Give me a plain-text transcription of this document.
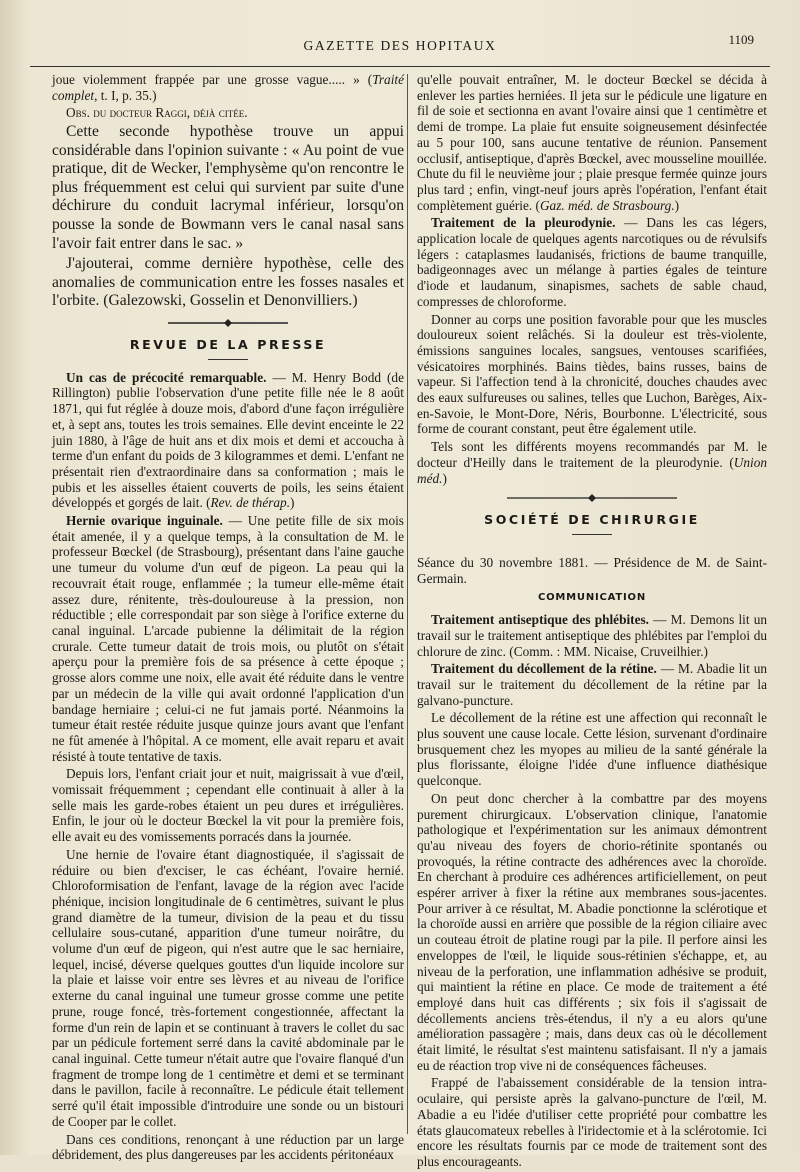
GAZETTE DES HOPITAUX	1109

joue violemment frappée par une grosse vague..... » (Traité complet, t. I, p. 35.)

Obs. du docteur Raggi, déjà citée.

Cette seconde hypothèse trouve un appui considérable dans l'opinion suivante : « Au point de vue pratique, dit de Wecker, l'emphysème qu'on rencontre le plus fréquemment est celui qui survient par suite d'une déchirure du conduit lacrymal inférieur, lorsqu'on pousse la sonde de Bowmann vers le canal nasal sans l'avoir fait entrer dans le sac. »

J'ajouterai, comme dernière hypothèse, celle des anomalies de communication entre les fosses nasales et l'orbite. (Galezowski, Gosselin et Denonvilliers.)

REVUE DE LA PRESSE

Un cas de précocité remarquable. — M. Henry Bodd (de Rillington) publie l'observation d'une petite fille née le 8 août 1871, qui fut réglée à douze mois, d'abord d'une façon irrégulière et, à sept ans, toutes les trois semaines. Elle devint enceinte le 22 juin 1880, à l'âge de huit ans et dix mois et demi et accoucha à terme d'un enfant du poids de 3 kilogrammes et demi. L'enfant ne présentait rien d'extraordinaire dans sa conformation ; mais le pubis et les aisselles étaient couverts de poils, les seins étaient développés et gorgés de lait. (Rev. de thérap.)

Hernie ovarique inguinale. — Une petite fille de six mois était amenée, il y a quelque temps, à la consultation de M. le professeur Bœckel (de Strasbourg), présentant dans l'aine gauche une tumeur du volume d'un œuf de pigeon. La peau qui la recouvrait était rouge, enflammée ; la tumeur elle-même était assez dure, rénitente, très-douloureuse à la pression, non réductible ; elle correspondait par son siège à l'orifice externe du canal inguinal. L'arcade pubienne la délimitait de la région crurale. Cette tumeur datait de trois mois, ou plutôt on s'était aperçu pour la première fois de sa présence à cette époque ; grosse alors comme une noix, elle avait été réduite dans le ventre par un médecin de la ville qui avait ordonné l'application d'un bandage herniaire ; celui-ci ne fut jamais porté. Néanmoins la tumeur était restée réduite jusque quinze jours avant que l'enfant ne fût amenée à l'hôpital. A ce moment, elle avait reparu et avait résisté à toute tentative de taxis.

Depuis lors, l'enfant criait jour et nuit, maigrissait à vue d'œil, vomissait fréquemment ; cependant elle continuait à aller à la selle mais les garde-robes étaient un peu dures et irrégulières. Enfin, le jour où le docteur Bœckel la vit pour la première fois, elle avait eu des vomissements porracés dans la journée.

Une hernie de l'ovaire étant diagnostiquée, il s'agissait de réduire ou bien d'exciser, le cas échéant, l'ovaire hernié. Chloroformisation de l'enfant, lavage de la région avec l'acide phénique, incision longitudinale de 6 centimètres, suivant le plus grand diamètre de la tumeur, division de la peau et du tissu cellulaire sous-cutané, apparition d'une tumeur noirâtre, du volume d'un œuf de pigeon, qui n'est autre que le sac herniaire, lequel, incisé, déverse quelques gouttes d'un liquide incolore sur la plaie et laisse voir entre ses lèvres et au niveau de l'orifice externe du canal inguinal une tumeur grosse comme une petite prune, rouge foncé, très-fortement congestionnée, affectant la forme d'un rein de lapin et se continuant à travers le collet du sac par un pédicule fortement serré dans la cavité abdominale par le canal inguinal. Cette tumeur n'était autre que l'ovaire flanqué d'un fragment de trompe long de 1 centimètre et demi et se terminant dans le pavillon, facile à reconnaître. Le pédicule était tellement serré qu'il était impossible d'introduire une sonde ou un bistouri de Cooper par le collet.

Dans ces conditions, renonçant à une réduction par un large débridement, des plus dangereuses par les accidents péritonéaux

qu'elle pouvait entraîner, M. le docteur Bœckel se décida à enlever les parties herniées. Il jeta sur le pédicule une ligature en fil de soie et sectionna en avant l'ovaire ainsi que 1 centimètre et demi de trompe. La plaie fut ensuite soigneusement désinfectée au 5 pour 100, sans aucune tentative de réunion. Pansement occlusif, antiseptique, d'après Bœckel, avec mousseline mouillée. Chute du fil le neuvième jour ; plaie presque fermée quinze jours plus tard ; enfin, vingt-neuf jours après l'opération, l'enfant était complètement guérie. (Gaz. méd. de Strasbourg.)

Traitement de la pleurodynie. — Dans les cas légers, application locale de quelques agents narcotiques ou de révulsifs légers : cataplasmes laudanisés, frictions de baume tranquille, badigeonnages avec un mélange à parties égales de teinture d'iode et laudanum, sinapismes, sachets de sable chaud, compresses de chloroforme.

Donner au corps une position favorable pour que les muscles douloureux soient relâchés. Si la douleur est très-violente, émissions sanguines locales, sangsues, ventouses scarifiées, vésicatoires morphinés. Bains tièdes, bains russes, bains de vapeur. Si l'affection tend à la chronicité, douches chaudes avec des eaux sulfureuses ou salines, telles que Luchon, Barèges, Aix-en-Savoie, le Mont-Dore, Néris, Bourbonne. L'électricité, sous forme de courant constant, peut être également utile.

Tels sont les différents moyens recommandés par M. le docteur d'Heilly dans le traitement de la pleurodynie. (Union méd.)

SOCIÉTÉ DE CHIRURGIE

Séance du 30 novembre 1881. — Présidence de M. de Saint-Germain.

COMMUNICATION

Traitement antiseptique des phlébites. — M. Demons lit un travail sur le traitement antiseptique des phlébites par l'emploi du chlorure de zinc. (Comm. : MM. Nicaise, Cruveilhier.)

Traitement du décollement de la rétine. — M. Abadie lit un travail sur le traitement du décollement de la rétine par la galvano-puncture.

Le décollement de la rétine est une affection qui reconnaît le plus souvent une cause locale. Cette lésion, survenant d'ordinaire brusquement chez les myopes au milieu de la santé générale la plus florissante, éloigne l'idée d'une influence diathésique quelconque.

On peut donc chercher à la combattre par des moyens purement chirurgicaux. L'observation clinique, l'anatomie pathologique et l'expérimentation sur les animaux démontrent qu'au niveau des foyers de chorio-rétinite spontanés ou provoqués, la rétine contracte des adhérences avec la choroïde. En cherchant à produire ces adhérences artificiellement, on peut espérer arriver à fixer la rétine aux membranes sous-jacentes. Pour arriver à ce résultat, M. Abadie ponctionne la sclérotique et la choroïde aussi en arrière que possible de la région ciliaire avec un couteau étroit de platine rougi par la pile. Il perfore ainsi les enveloppes de l'œil, le liquide sous-rétinien s'échappe, et, au niveau de la perforation, une inflammation adhésive se produit, qui maintient la rétine en place. Ce mode de traitement a été employé dans huit cas différents ; six fois il s'agissait de décollements anciens très-étendus, il n'y a eu alors qu'une amélioration passagère ; mais, dans deux cas où le décollement était limité, le résultat s'est maintenu satisfaisant. Il n'y a jamais eu de réaction trop vive ni de conséquences fâcheuses.

Frappé de l'abaissement considérable de la tension intra-oculaire, qui persiste après la galvano-puncture de l'œil, M. Abadie a eu l'idée d'utiliser cette propriété pour combattre les états glaucomateux rebelles à l'iridectomie et à la sclérotomie. Ici encore les résultats fournis par ce mode de traitement sont des plus encourageants.
